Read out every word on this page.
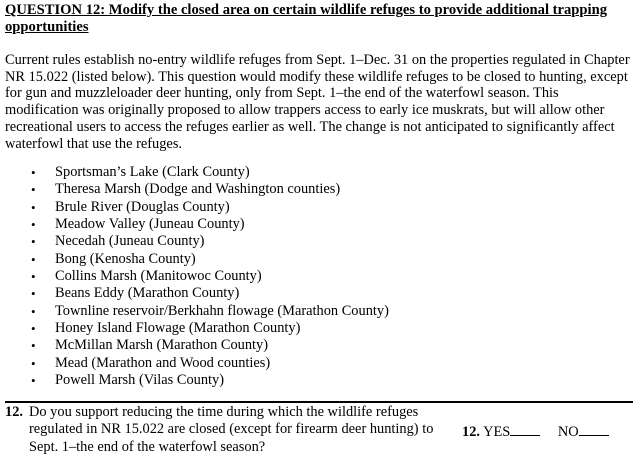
QUESTION 12: Modify the closed area on certain wildlife refuges to provide additional trapping opportunities

Current rules establish no-entry wildlife refuges from Sept. 1–Dec. 31 on the properties regulated in Chapter NR 15.022 (listed below). This question would modify these wildlife refuges to be closed to hunting, except for gun and muzzleloader deer hunting, only from Sept. 1–the end of the waterfowl season. This modification was originally proposed to allow trappers access to early ice muskrats, but will allow other recreational users to access the refuges earlier as well. The change is not anticipated to significantly affect waterfowl that use the refuges.

• Sportsman’s Lake (Clark County)
• Theresa Marsh (Dodge and Washington counties)
• Brule River (Douglas County)
• Meadow Valley (Juneau County)
• Necedah (Juneau County)
• Bong (Kenosha County)
• Collins Marsh (Manitowoc County)
• Beans Eddy (Marathon County)
• Townline reservoir/Berkhahn flowage (Marathon County)
• Honey Island Flowage (Marathon County)
• McMillan Marsh (Marathon County)
• Mead (Marathon and Wood counties)
• Powell Marsh (Vilas County)
12. Do you support reducing the time during which the wildlife refuges regulated in NR 15.022 are closed (except for firearm deer hunting) to Sept. 1–the end of the waterfowl season?

12. YES	NO
